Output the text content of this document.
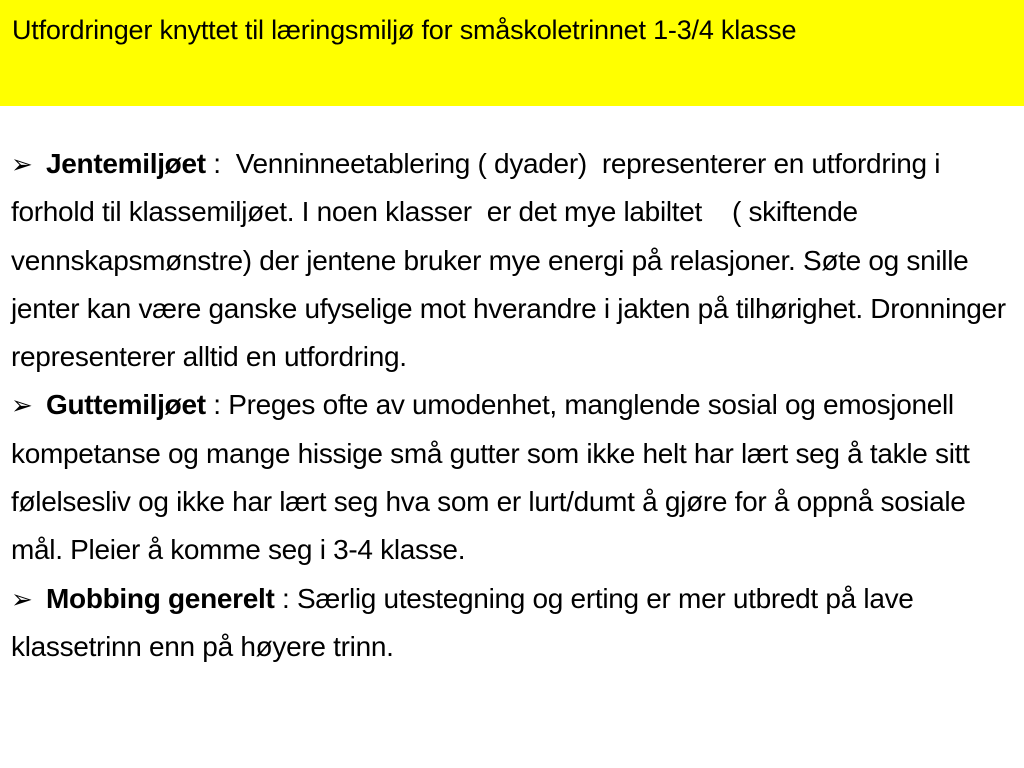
Utfordringer knyttet til læringsmiljø for småskoletrinnet 1-3/4 klasse

➢ Jentemiljøet :  Venninneetablering ( dyader)  representerer en utfordring i forhold til klassemiljøet. I noen klasser  er det mye labiltet    ( skiftende vennskapsmønstre) der jentene bruker mye energi på relasjoner. Søte og snille jenter kan være ganske ufyselige mot hverandre i jakten på tilhørighet. Dronninger representerer alltid en utfordring.

➢ Guttemiljøet : Preges ofte av umodenhet, manglende sosial og emosjonell kompetanse og mange hissige små gutter som ikke helt har lært seg å takle sitt følelsesliv og ikke har lært seg hva som er lurt/dumt å gjøre for å oppnå sosiale mål. Pleier å komme seg i 3-4 klasse.

➢ Mobbing generelt : Særlig utestegning og erting er mer utbredt på lave klassetrinn enn på høyere trinn.
